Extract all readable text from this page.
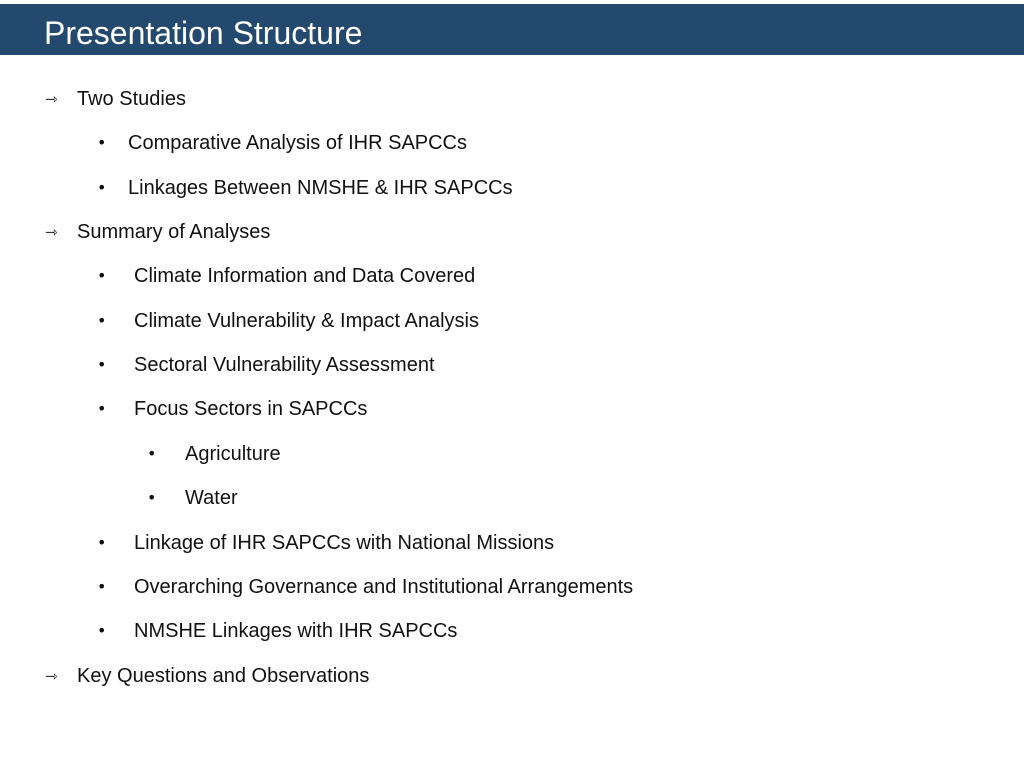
Presentation Structure
⇾ Two Studies
• Comparative Analysis of IHR SAPCCs
• Linkages Between NMSHE & IHR SAPCCs
⇾ Summary of Analyses
• Climate Information and Data Covered
• Climate Vulnerability & Impact Analysis
• Sectoral Vulnerability Assessment
• Focus Sectors in SAPCCs
• Agriculture
• Water
• Linkage of IHR SAPCCs with National Missions
• Overarching Governance and Institutional Arrangements
• NMSHE Linkages with IHR SAPCCs
⇾ Key Questions and Observations
